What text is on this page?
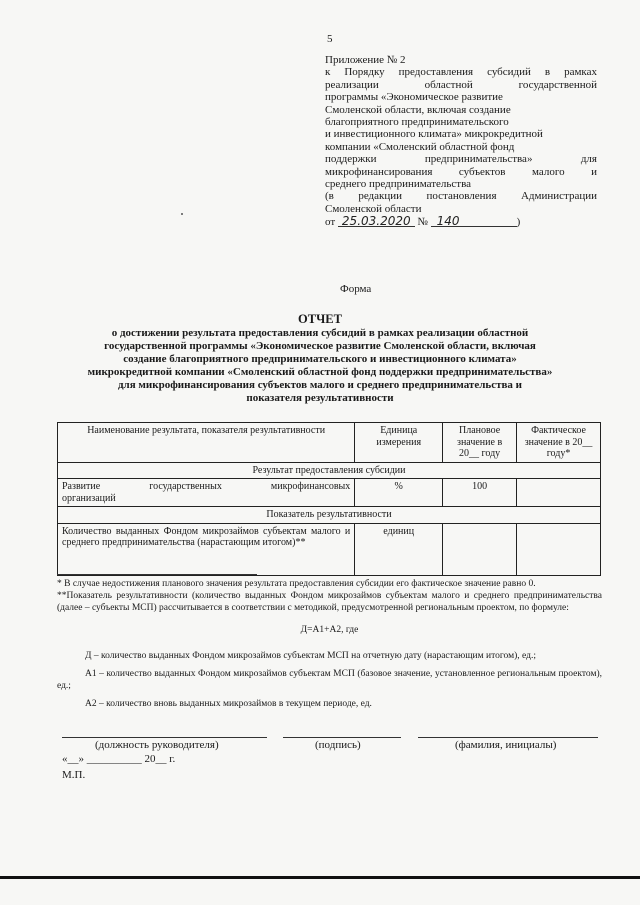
5
Приложение № 2
к Порядку предоставления субсидий в рамках
реализации областной государственной
программы «Экономическое развитие
Смоленской области, включая создание
благоприятного предпринимательского
и инвестиционного климата» микрокредитной
компании «Смоленский областной фонд
поддержки предпринимательства» для
микрофинансирования субъектов малого и
среднего предпринимательства
(в редакции постановления Администрации
Смоленской области
от 25.03.2020 № 140	)
Форма
ОТЧЕТ
о достижении результата предоставления субсидий в рамках реализации областной
государственной программы «Экономическое развитие Смоленской области, включая
создание благоприятного предпринимательского и инвестиционного климата»
микрокредитной компании «Смоленский областной фонд поддержки предпринимательства»
для микрофинансирования субъектов малого и среднего предпринимательства и
показателя результативности
Наименование результата, показателя результативности	Единица измерения	Плановое значение в 20__ году	Фактическое значение в 20__ году*
Результат предоставления субсидии			

Развитие государственных микрофинансовых
организаций	%	100	
Показатель результативности			
Количество выданных Фондом микрозаймов субъектам малого и среднего предпринимательства (нарастающим итогом)**	единиц		

* В случае недостижения планового значения результата предоставления субсидии его фактическое значение равно 0.

**Показатель результативности (количество выданных Фондом микрозаймов субъектам малого и среднего предпринимательства (далее – субъекты МСП) рассчитывается в соответствии с методикой, предусмотренной региональным проектом, по формуле:

Д=А1+А2, где

Д – количество выданных Фондом микрозаймов субъектам МСП на отчетную дату (нарастающим итогом), ед.;

А1 – количество выданных Фондом микрозаймов субъектам МСП (базовое значение, установленное региональным проектом), ед.;

А2 – количество вновь выданных микрозаймов в текущем периоде, ед.

(должность руководителя)	(подпись)	(фамилия, инициалы)
«__» __________ 20__ г.
М.П.
